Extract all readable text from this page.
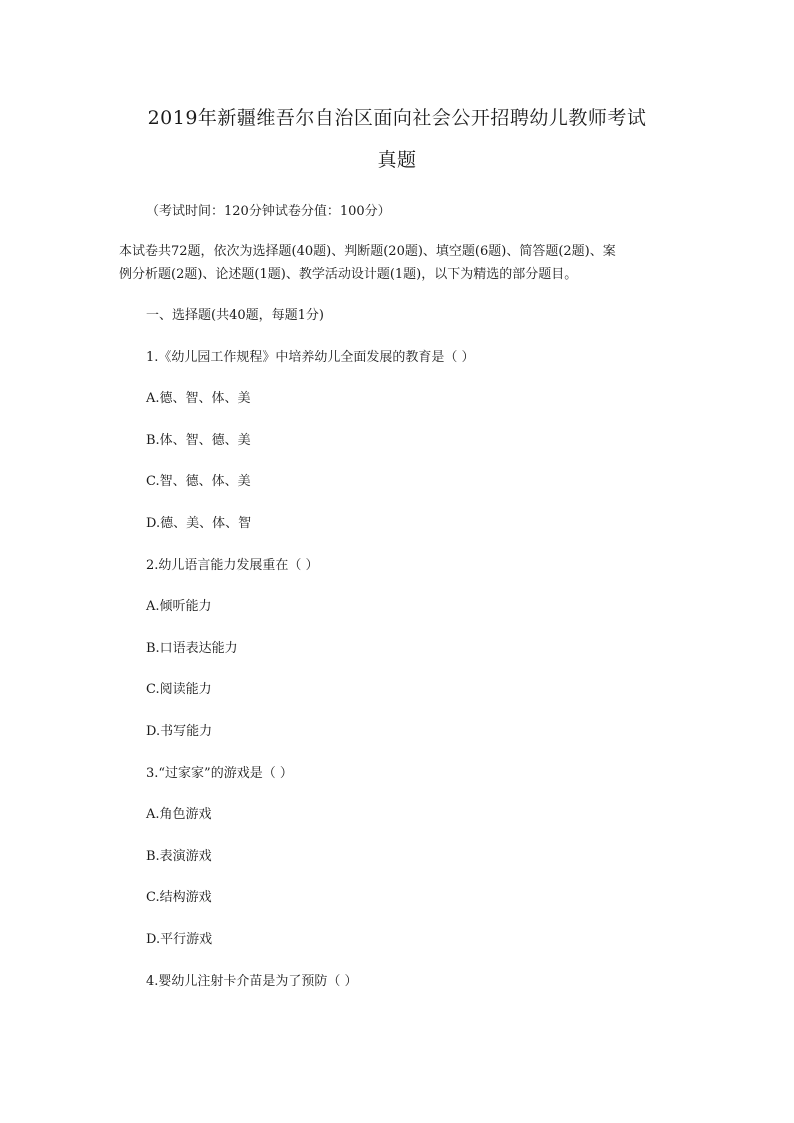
2019年新疆维吾尔自治区面向社会公开招聘幼儿教师考试
真题
（考试时间：120分钟试卷分值：100分）
本试卷共72题，依次为选择题(40题)、判断题(20题)、填空题(6题)、简答题(2题)、案
例分析题(2题)、论述题(1题)、教学活动设计题(1题)，以下为精选的部分题目。
一、选择题(共40题，每题1分)
1.《幼儿园工作规程》中培养幼儿全面发展的教育是（ ）
A.德、智、体、美
B.体、智、德、美
C.智、德、体、美
D.德、美、体、智
2.幼儿语言能力发展重在（ ）
A.倾听能力
B.口语表达能力
C.阅读能力
D.书写能力
3.“过家家”的游戏是（ ）
A.角色游戏
B.表演游戏
C.结构游戏
D.平行游戏
4.婴幼儿注射卡介苗是为了预防（ ）
